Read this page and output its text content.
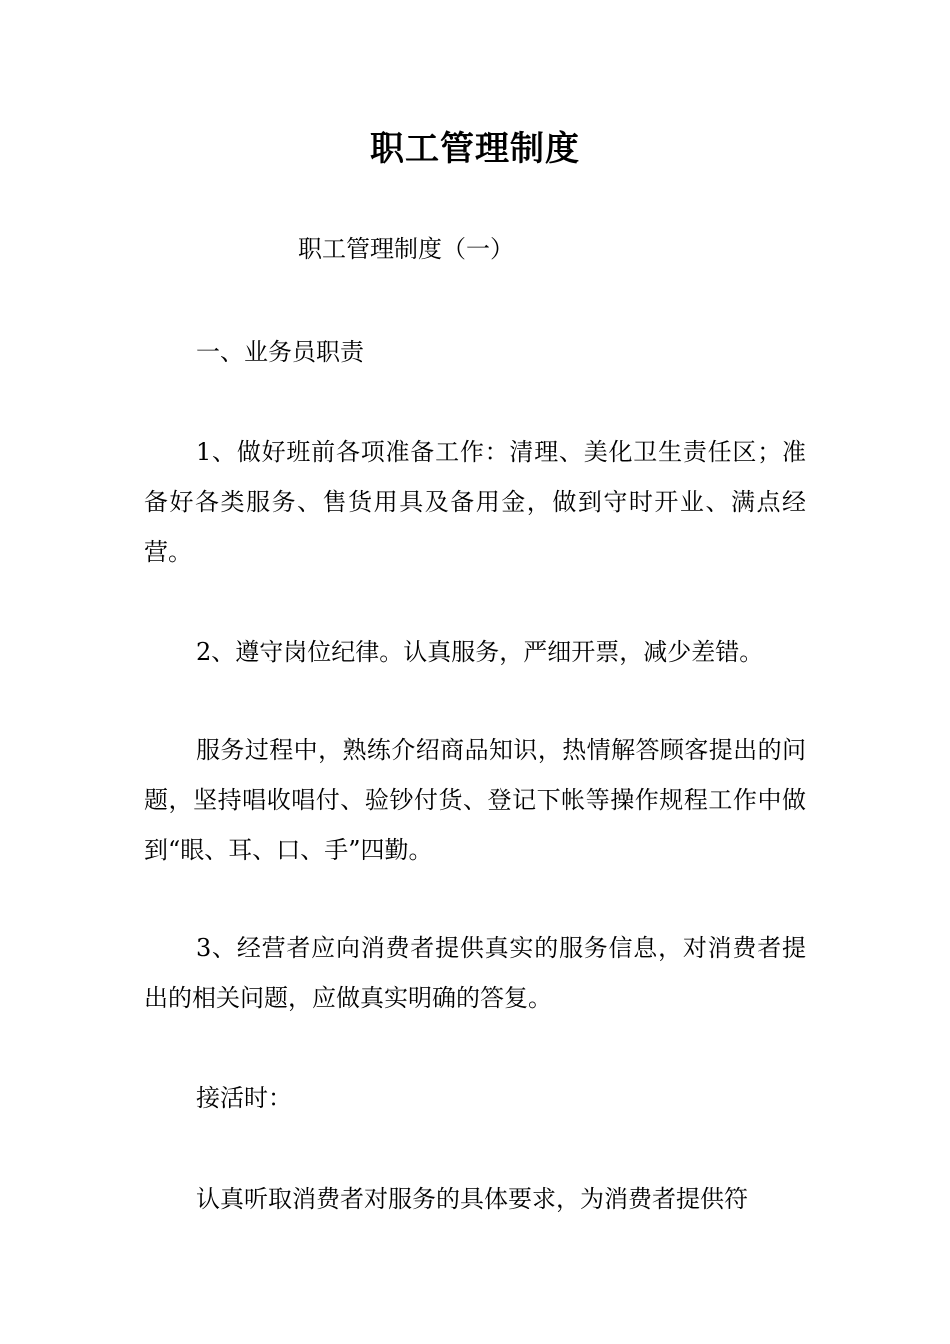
职工管理制度
职工管理制度（一）

一、业务员职责

1、做好班前各项准备工作：清理、美化卫生责任区；准备好各类服务、售货用具及备用金，做到守时开业、满点经营。

2、遵守岗位纪律。认真服务，严细开票，减少差错。

服务过程中，熟练介绍商品知识，热情解答顾客提出的问题，坚持唱收唱付、验钞付货、登记下帐等操作规程工作中做到“眼、耳、口、手”四勤。

3、经营者应向消费者提供真实的服务信息，对消费者提出的相关问题，应做真实明确的答复。

接活时：

认真听取消费者对服务的具体要求，为消费者提供符
